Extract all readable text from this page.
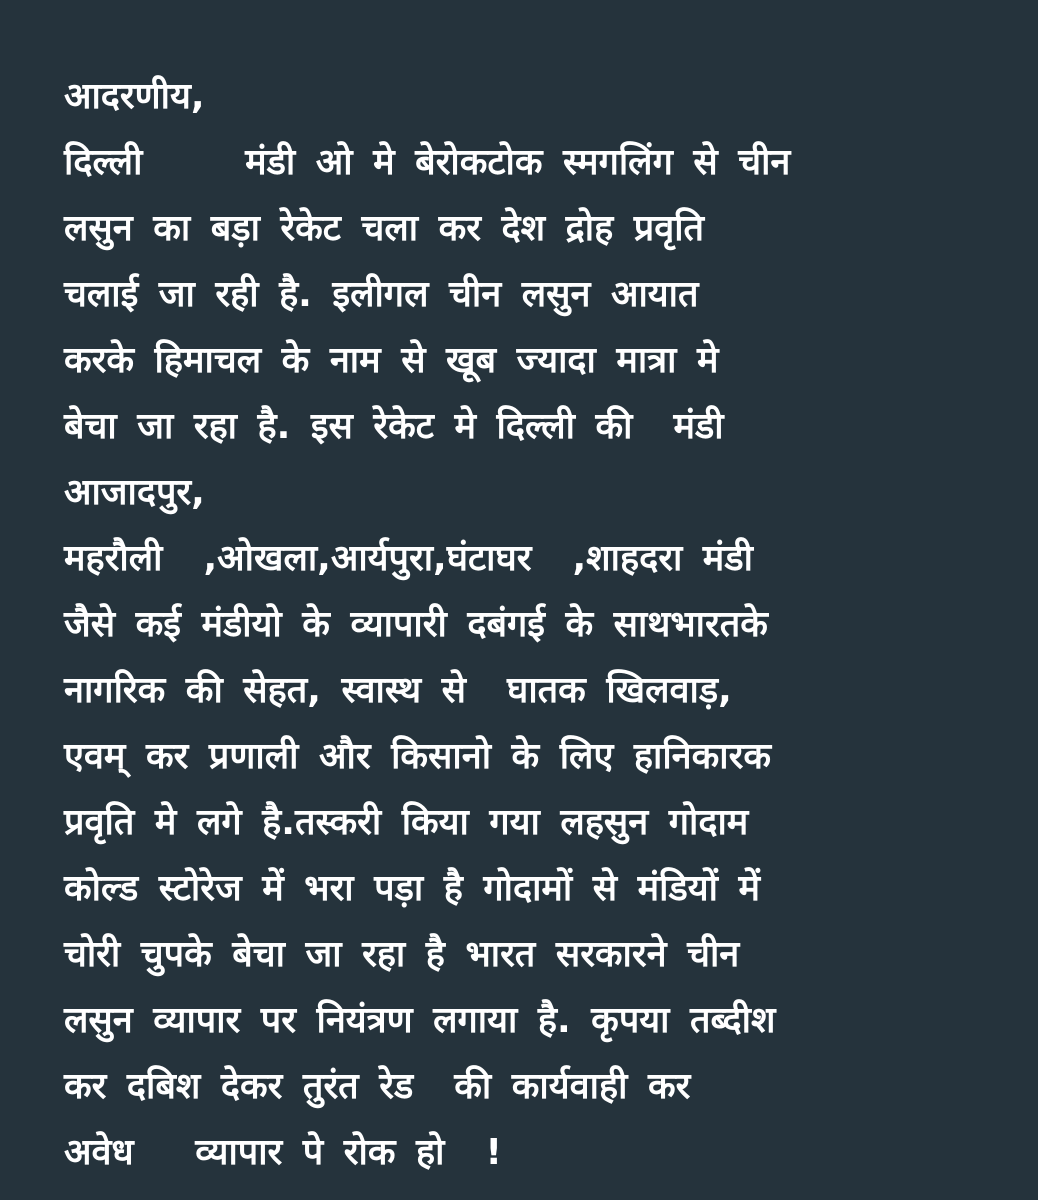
आदरणीय,
दिल्ली     मंडी ओ मे बेरोकटोक स्मगलिंग से चीन
लसुन का बड़ा रेकेट चला कर देश द्रोह प्रवृति
चलाई जा रही है. इलीगल चीन लसुन आयात
करके हिमाचल के नाम से खूब ज्यादा मात्रा मे
बेचा जा रहा है. इस रेकेट मे दिल्ली की  मंडी
आजादपुर,
महरौली  ,ओखला,आर्यपुरा,घंटाघर  ,शाहदरा मंडी
जैसे कई मंडीयो के व्यापारी दबंगई के साथभारतके
नागरिक की सेहत, स्वास्थ से  घातक खिलवाड़,
एवम् कर प्रणाली और किसानो के लिए हानिकारक
प्रवृति मे लगे है.तस्करी किया गया लहसुन गोदाम
कोल्ड स्टोरेज में भरा पड़ा है गोदामों से मंडियों में
चोरी चुपके बेचा जा रहा है भारत सरकारने चीन
लसुन व्यापार पर नियंत्रण लगाया है. कृपया तब्दीश
कर दबिश देकर तुरंत रेड  की कार्यवाही कर
अवेध   व्यापार पे रोक हो  !
